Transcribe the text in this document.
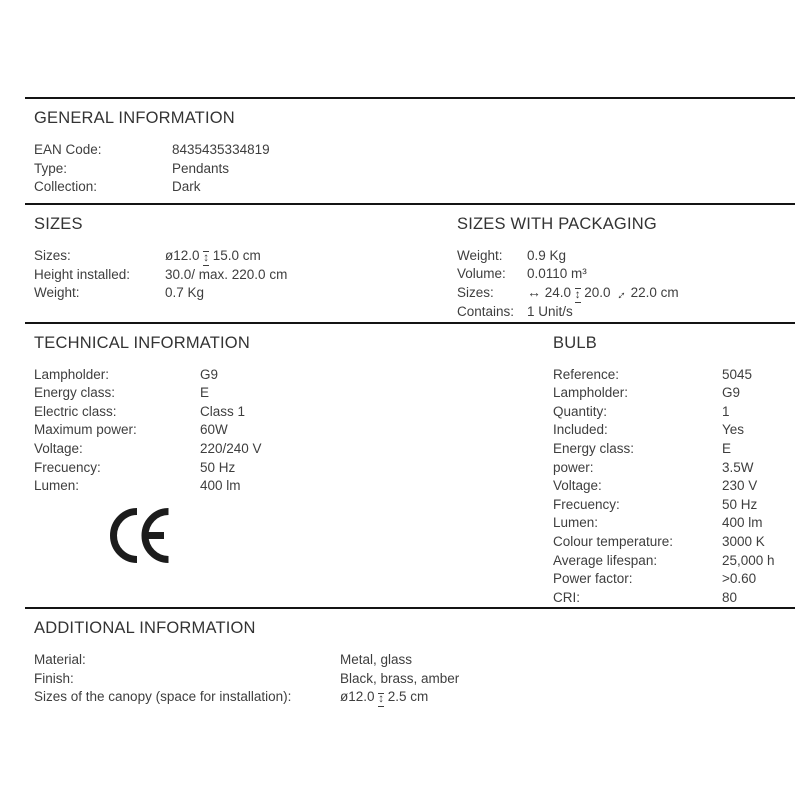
GENERAL INFORMATION
EAN Code:	8435435334819
Type:	Pendants
Collection:	Dark
SIZES
Sizes:	ø12.0 ↕ 15.0 cm
Height installed:	30.0/ max. 220.0 cm
Weight:	0.7 Kg
SIZES WITH PACKAGING
Weight:	0.9 Kg
Volume:	0.0110 m³
Sizes:	↔ 24.0 ↕ 20.0 ↔ 22.0 cm
Contains: 1 Unit/s
TECHNICAL INFORMATION
Lampholder:	G9
Energy class:	E
Electric class:	Class 1
Maximum power:	60W
Voltage:	220/240 V
Frecuency:	50 Hz
Lumen:	400 lm
BULB
Reference:	5045
Lampholder:	G9
Quantity:	1
Included:	Yes
Energy class:	E
power:	3.5W
Voltage:	230 V
Frecuency:	50 Hz
Lumen:	400 lm
Colour temperature:	3000 K
Average lifespan:	25,000 h
Power factor:	>0.60
CRI:	80
ADDITIONAL INFORMATION
Material:	Metal, glass
Finish:	Black, brass, amber
Sizes of the canopy (space for installation):	ø12.0 ↕ 2.5 cm
